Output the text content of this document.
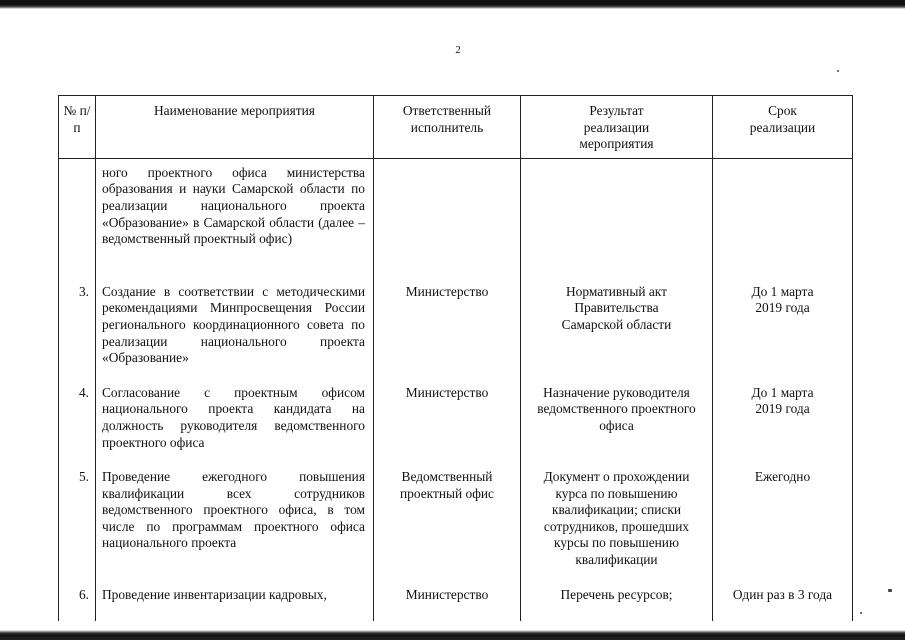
2
№ п/п	Наименование мероприятия	Ответственный исполнитель	Результат реализации мероприятия	Срок реализации
	ного проектного офиса министерства образования и науки Самарской области по реализации национального проекта «Образование» в Самарской области (далее – ведомственный проектный офис)			
3.	Создание в соответствии с методическими рекомендациями Минпросвещения России регионального координационного совета по реализации национального проекта «Образование»	Министерство	Нормативный акт Правительства Самарской области	До 1 марта 2019 года
4.	Согласование с проектным офисом национального проекта кандидата на должность руководителя ведомственного проектного офиса	Министерство	Назначение руководителя ведомственного проектного офиса	До 1 марта 2019 года
5.	Проведение ежегодного повышения квалификации всех сотрудников ведомственного проектного офиса, в том числе по программам проектного офиса национального проекта	Ведомственный проектный офис	Документ о прохождении курса по повышению квалификации; списки сотрудников, прошедших курсы по повышению квалификации	Ежегодно
6.	Проведение инвентаризации кадровых,	Министерство	Перечень ресурсов;	Один раз в 3 года
